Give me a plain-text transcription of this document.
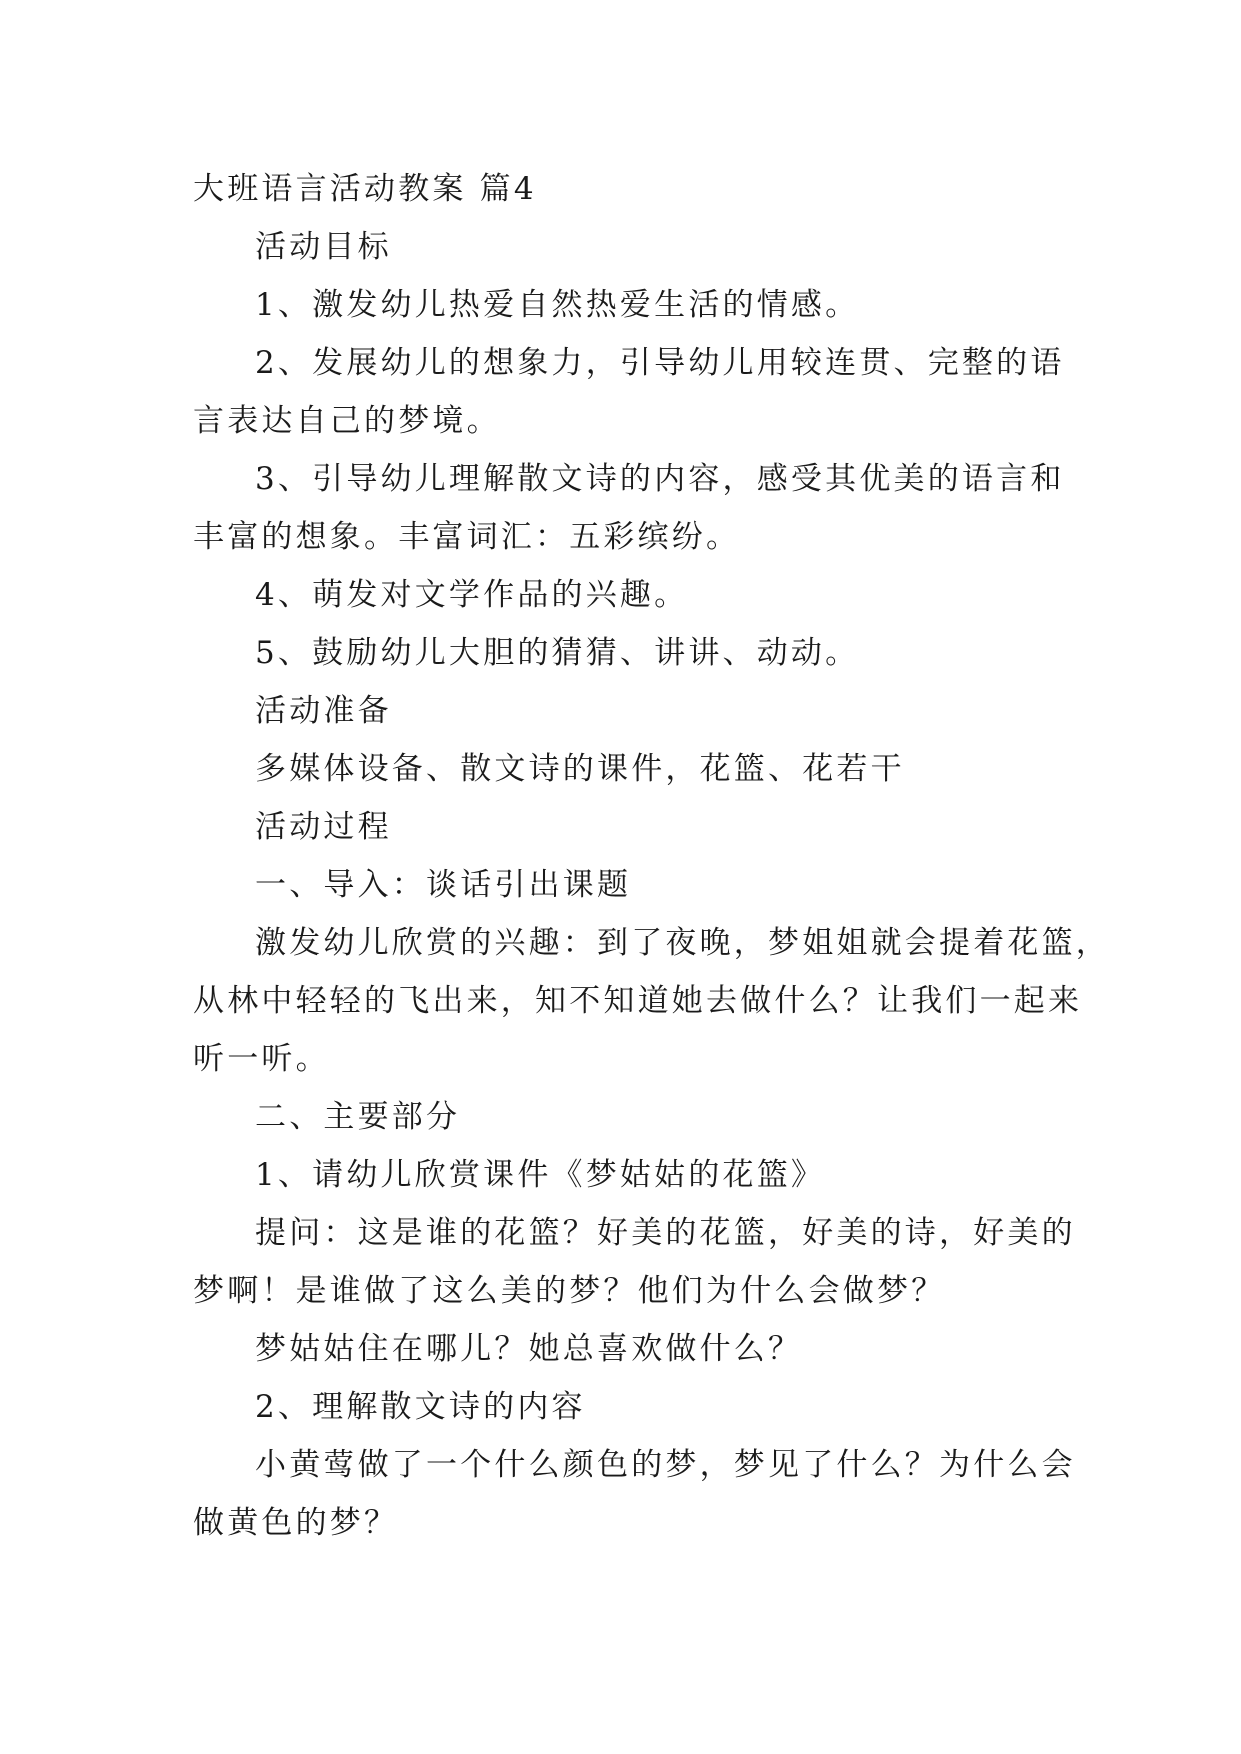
大班语言活动教案 篇4
活动目标
1、激发幼儿热爱自然热爱生活的情感。
2、发展幼儿的想象力，引导幼儿用较连贯、完整的语
言表达自己的梦境。
3、引导幼儿理解散文诗的内容，感受其优美的语言和
丰富的想象。丰富词汇：五彩缤纷。
4、萌发对文学作品的兴趣。
5、鼓励幼儿大胆的猜猜、讲讲、动动。
活动准备
多媒体设备、散文诗的课件，花篮、花若干
活动过程
一、导入：谈话引出课题
激发幼儿欣赏的兴趣：到了夜晚，梦姐姐就会提着花篮，
从林中轻轻的飞出来，知不知道她去做什么？让我们一起来
听一听。
二、主要部分
1、请幼儿欣赏课件《梦姑姑的花篮》
提问：这是谁的花篮？好美的花篮，好美的诗，好美的
梦啊！是谁做了这么美的梦？他们为什么会做梦？
梦姑姑住在哪儿？她总喜欢做什么？
2、理解散文诗的内容
小黄莺做了一个什么颜色的梦，梦见了什么？为什么会
做黄色的梦？
